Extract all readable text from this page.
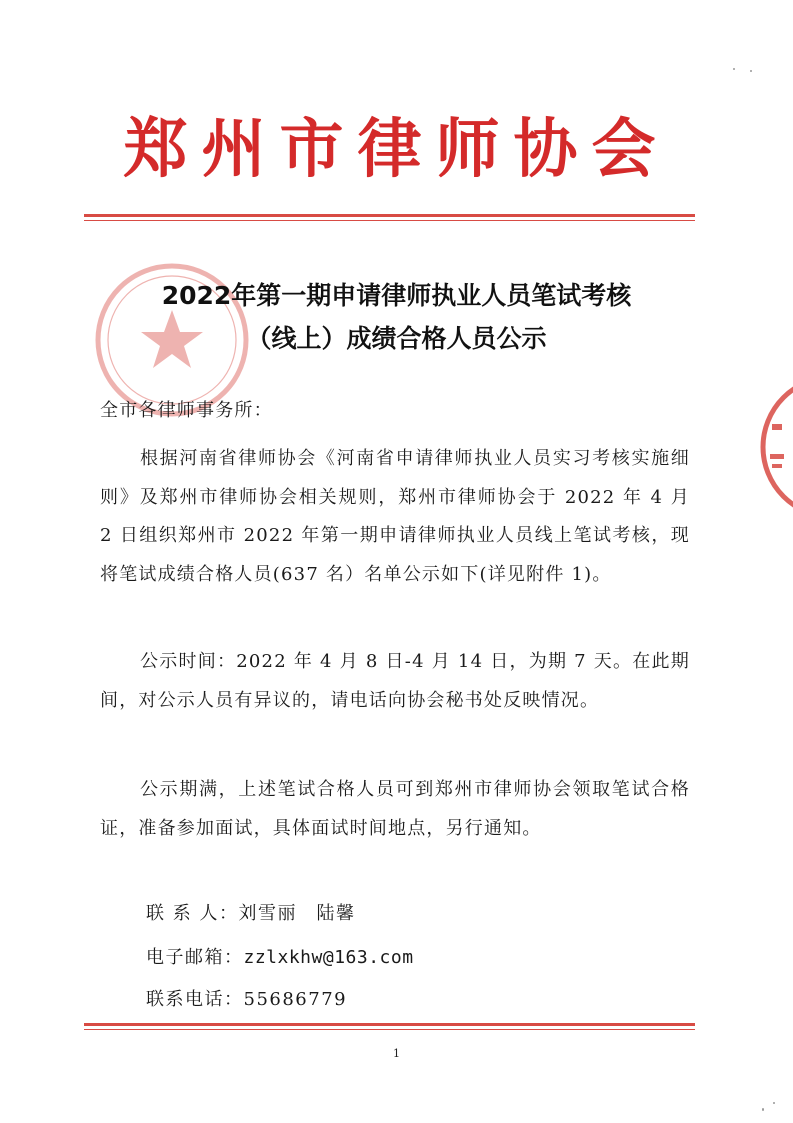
郑州市律师协会
2022年第一期申请律师执业人员笔试考核
（线上）成绩合格人员公示

全市各律师事务所：

根据河南省律师协会《河南省申请律师执业人员实习考核实施细则》及郑州市律师协会相关规则，郑州市律师协会于 2022 年 4 月 2 日组织郑州市 2022 年第一期申请律师执业人员线上笔试考核，现将笔试成绩合格人员(637 名）名单公示如下(详见附件 1)。

公示时间：2022 年 4 月 8 日-4 月 14 日，为期 7 天。在此期间，对公示人员有异议的，请电话向协会秘书处反映情况。

公示期满，上述笔试合格人员可到郑州市律师协会领取笔试合格证，准备参加面试，具体面试时间地点，另行通知。

联 系 人：刘雪丽　陆馨
电子邮箱：zzlxkhw@163.com
联系电话：55686779
1
